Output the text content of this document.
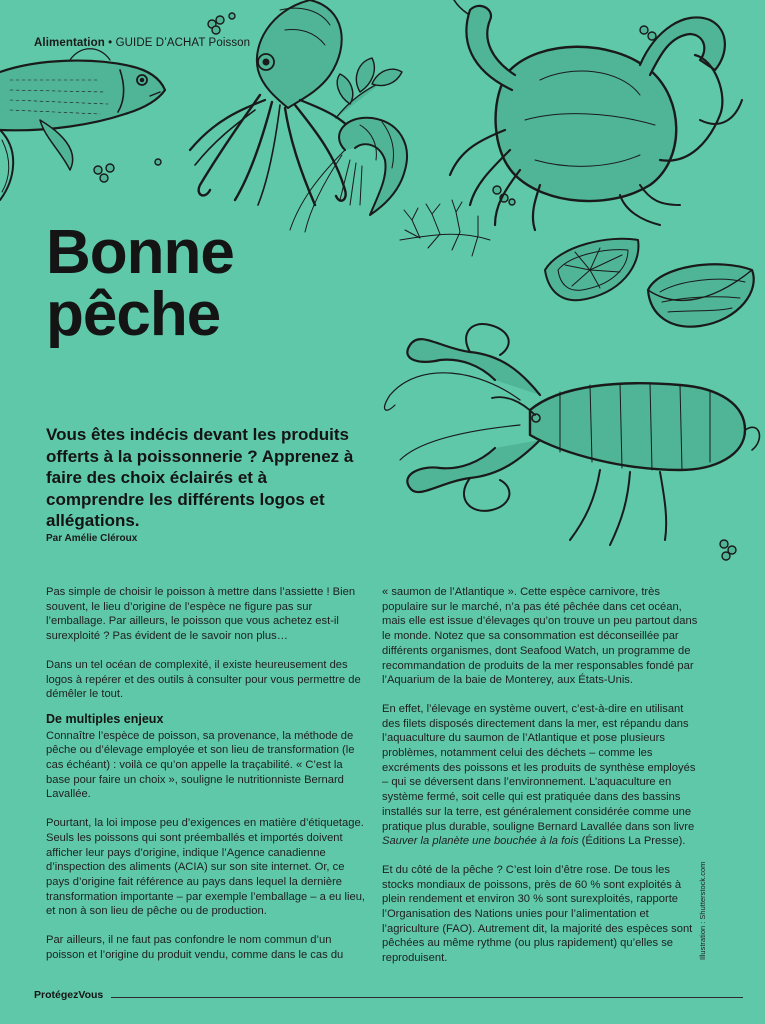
Alimentation • GUIDE D’ACHAT Poisson
Bonne
pêche

Vous êtes indécis devant les produits offerts à la poissonnerie ? Apprenez à faire des choix éclairés et à comprendre les différents logos et allégations.

Par Amélie Cléroux

Pas simple de choisir le poisson à mettre dans l’assiette ! Bien souvent, le lieu d’origine de l’espèce ne figure pas sur l’emballage. Par ailleurs, le poisson que vous achetez est-il surexploité ? Pas évident de le savoir non plus…

Dans un tel océan de complexité, il existe heureusement des logos à repérer et des outils à consulter pour vous permettre de démêler le tout.

De multiples enjeux

Connaître l’espèce de poisson, sa provenance, la méthode de pêche ou d’élevage employée et son lieu de transformation (le cas échéant) : voilà ce qu’on appelle la traçabilité. « C’est la base pour faire un choix », souligne le nutritionniste Bernard Lavallée.

Pourtant, la loi impose peu d’exigences en matière d’étiquetage. Seuls les poissons qui sont préemballés et importés doivent afficher leur pays d’origine, indique l’Agence canadienne d’inspection des aliments (ACIA) sur son site internet. Or, ce pays d’origine fait référence au pays dans lequel la dernière transformation importante – par exemple l’emballage – a eu lieu, et non à son lieu de pêche ou de production.

Par ailleurs, il ne faut pas confondre le nom commun d’un poisson et l’origine du produit vendu, comme dans le cas du

« saumon de l’Atlantique ». Cette espèce carnivore, très populaire sur le marché, n’a pas été pêchée dans cet océan, mais elle est issue d’élevages qu’on trouve un peu partout dans le monde. Notez que sa consommation est déconseillée par différents organismes, dont Seafood Watch, un programme de recommandation de produits de la mer responsables fondé par l’Aquarium de la baie de Monterey, aux États-Unis.

En effet, l’élevage en système ouvert, c’est-à-dire en utilisant des filets disposés directement dans la mer, est répandu dans l’aquaculture du saumon de l’Atlantique et pose plusieurs problèmes, notamment celui des déchets – comme les excréments des poissons et les produits de synthèse employés – qui se déversent dans l’environnement. L’aquaculture en système fermé, soit celle qui est pratiquée dans des bassins installés sur la terre, est généralement considérée comme une pratique plus durable, souligne Bernard Lavallée dans son livre Sauver la planète une bouchée à la fois (Éditions La Presse).

Et du côté de la pêche ? C’est loin d’être rose. De tous les stocks mondiaux de poissons, près de 60 % sont exploités à plein rendement et environ 30 % sont surexploités, rapporte l’Organisation des Nations unies pour l’alimentation et l’agriculture (FAO). Autrement dit, la majorité des espèces sont pêchées au même rythme (ou plus rapidement) qu’elles se reproduisent.	Illustration : Shutterstock.com
ProtégezVous
